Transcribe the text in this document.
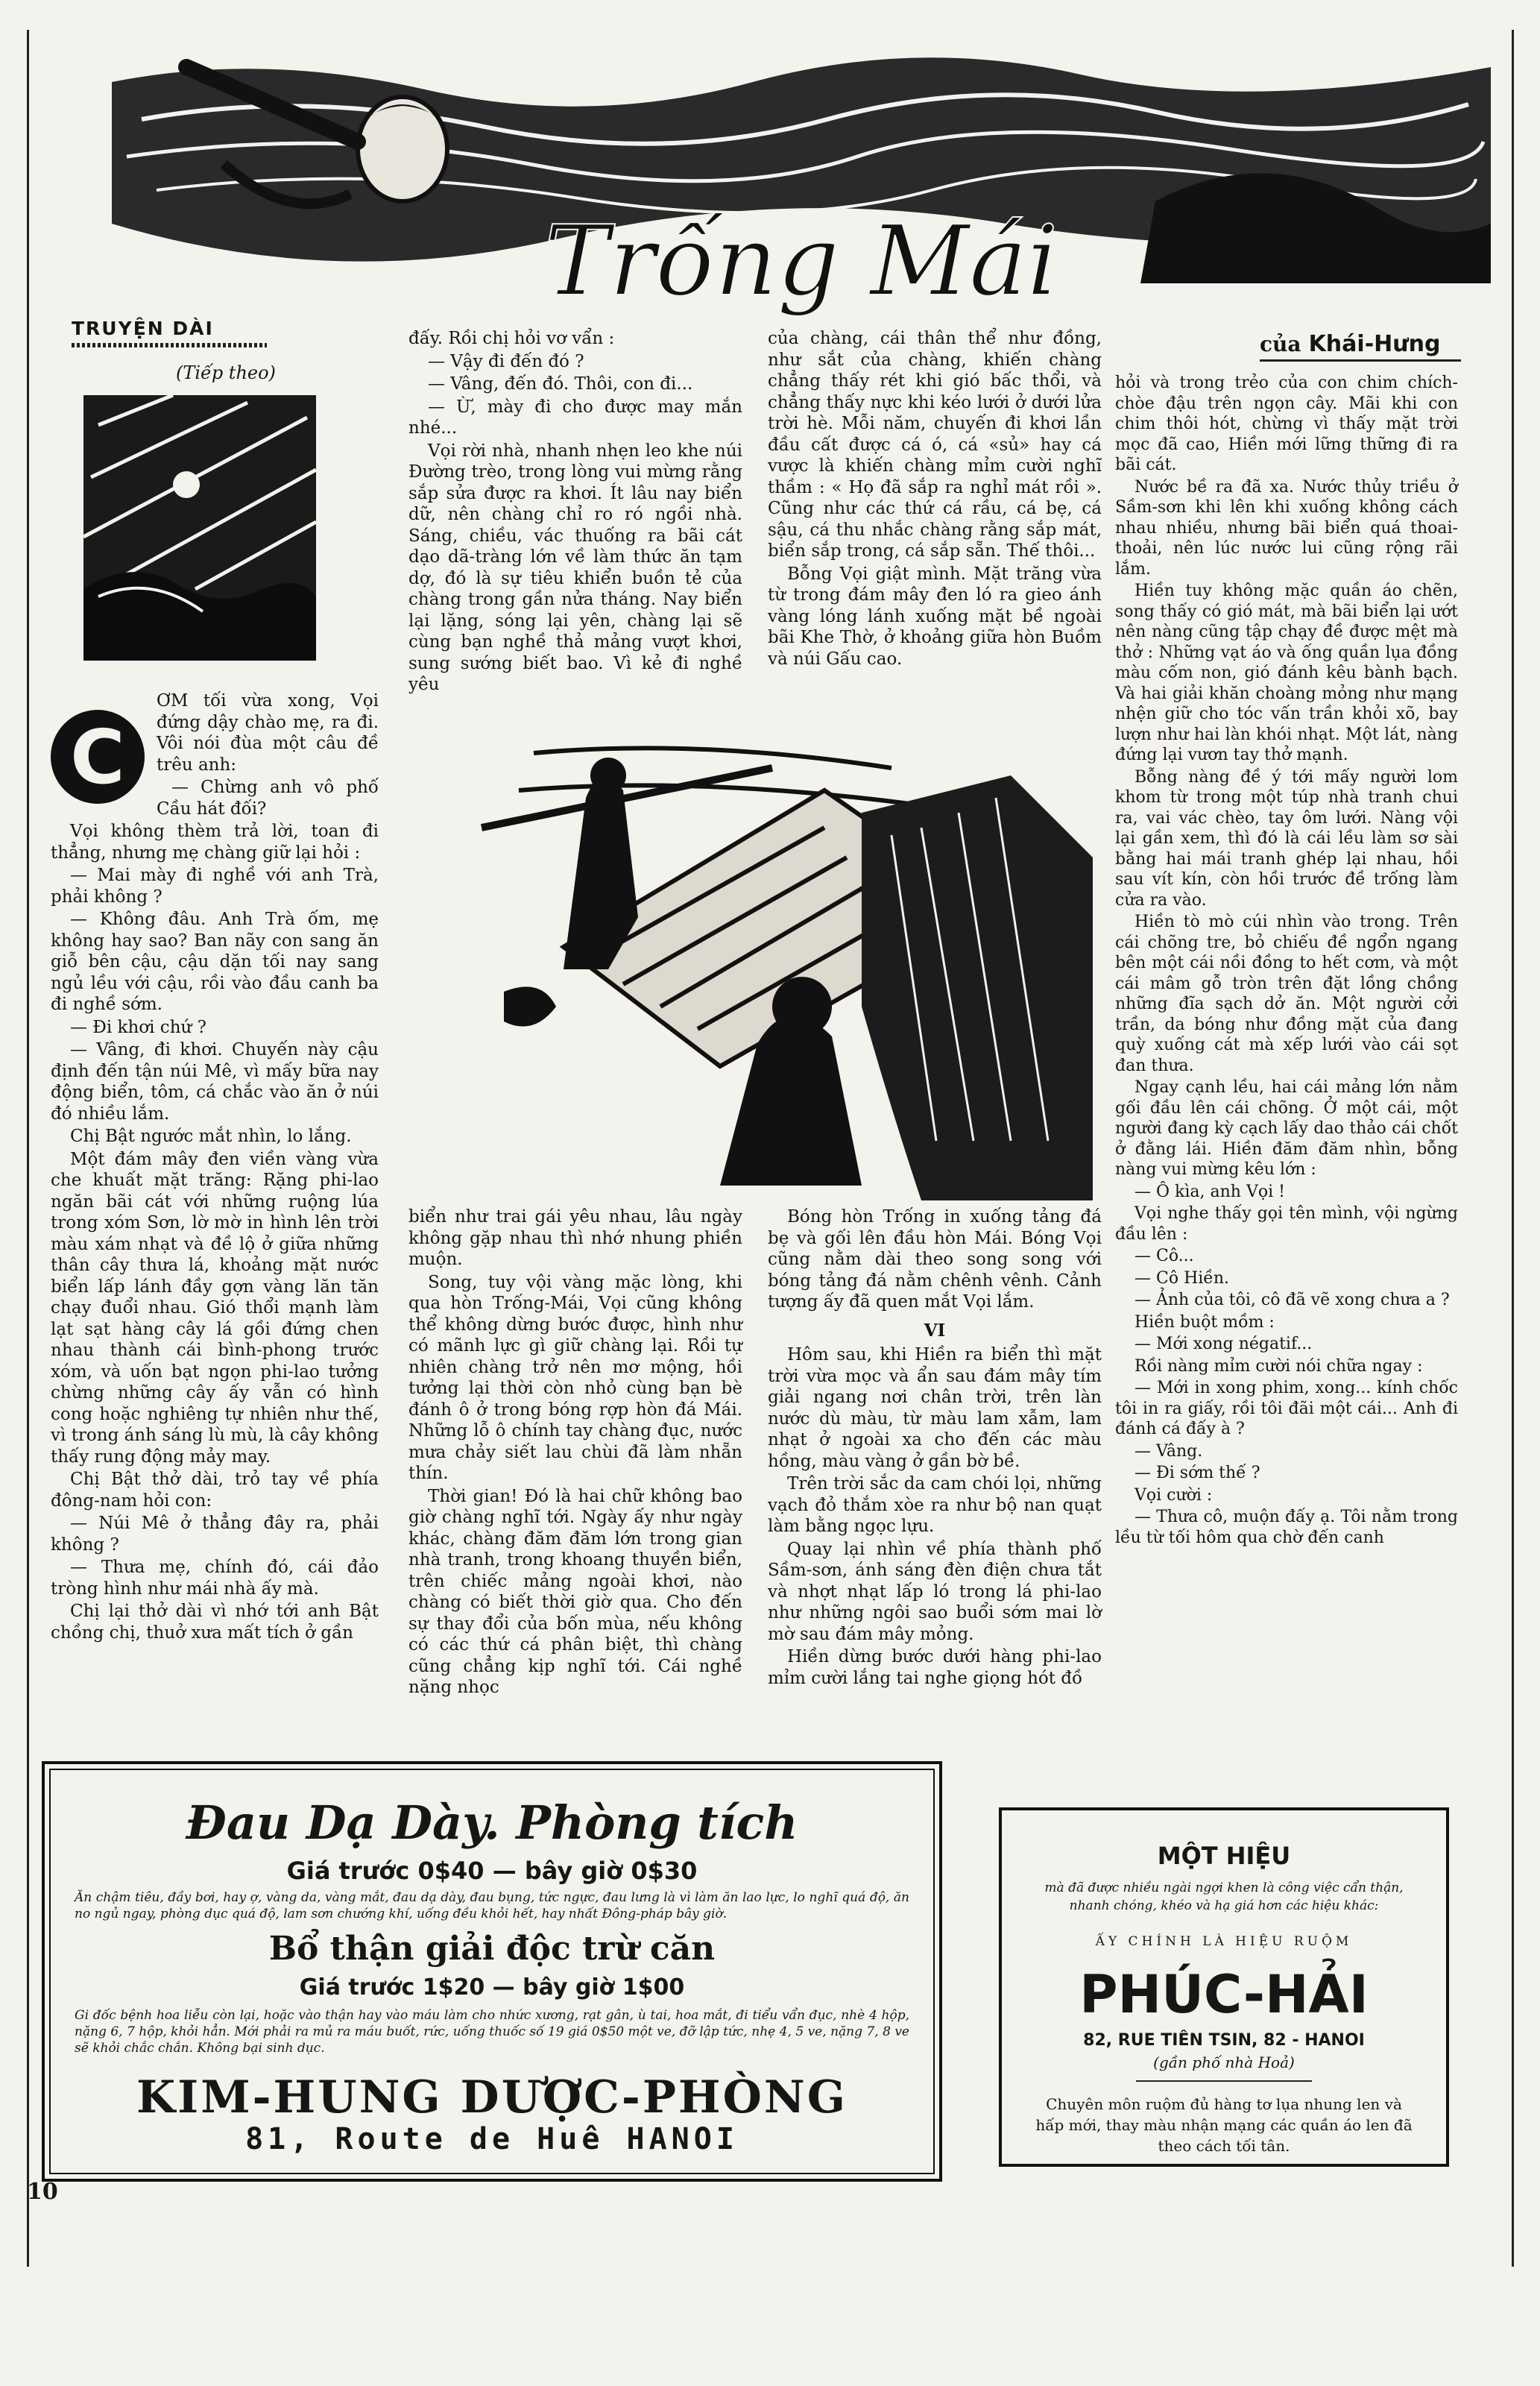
Trống Mái
TRUYỆN DÀI
(Tiếp theo)
của Khái-Hưng
C

ƠM tối vừa xong, Vọi đứng dậy chào mẹ, ra đi. Vôi nói đùa một câu đề trêu anh:

— Chừng anh vô phố Cầu hát đối?

Vọi không thèm trả lời, toan đi thẳng, nhưng mẹ chàng giữ lại hỏi :

— Mai mày đi nghề với anh Trà, phải không ?

— Không đâu. Anh Trà ốm, mẹ không hay sao? Ban nãy con sang ăn giỗ bên cậu, cậu dặn tối nay sang ngủ lều với cậu, rồi vào đầu canh ba đi nghề sớm.

— Đi khơi chứ ?

— Vâng, đi khơi. Chuyến này cậu định đến tận núi Mê, vì mấy bữa nay động biển, tôm, cá chắc vào ăn ở núi đó nhiều lắm.

Chị Bật ngước mắt nhìn, lo lắng.

Một đám mây đen viền vàng vừa che khuất mặt trăng: Rặng phi-lao ngăn bãi cát với những ruộng lúa trong xóm Sơn, lờ mờ in hình lên trời màu xám nhạt và đề lộ ở giữa những thân cây thưa lá, khoảng mặt nước biển lấp lánh đầy gợn vàng lăn tăn chạy đuổi nhau. Gió thổi mạnh làm lạt sạt hàng cây lá gồi đứng chen nhau thành cái bình-phong trước xóm, và uốn bạt ngọn phi-lao tưởng chừng những cây ấy vẫn có hình cong hoặc nghiêng tự nhiên như thế, vì trong ánh sáng lù mù, là cây không thấy rung động mảy may.

Chị Bật thở dài, trỏ tay về phía đông-nam hỏi con:

— Núi Mê ở thẳng đây ra, phải không ?

— Thưa mẹ, chính đó, cái đảo tròng hình như mái nhà ấy mà.

Chị lại thở dài vì nhớ tới anh Bật chồng chị, thuở xưa mất tích ở gần

đấy. Rồi chị hỏi vơ vẩn :

— Vậy đi đến đó ?

— Vâng, đến đó. Thôi, con đi...

— Ừ, mày đi cho được may mắn nhé...

Vọi rời nhà, nhanh nhẹn leo khe núi Đường trèo, trong lòng vui mừng rằng sắp sửa được ra khơi. Ít lâu nay biển dữ, nên chàng chỉ ro ró ngồi nhà. Sáng, chiều, vác thuống ra bãi cát dạo dã-tràng lớn về làm thức ăn tạm dợ, đó là sự tiêu khiển buồn tẻ của chàng trong gần nửa tháng. Nay biển lại lặng, sóng lại yên, chàng lại sẽ cùng bạn nghề thả mảng vượt khơi, sung sướng biết bao. Vì kẻ đi nghề yêu

của chàng, cái thân thể như đồng, như sắt của chàng, khiến chàng chẳng thấy rét khi gió bấc thổi, và chẳng thấy nực khi kéo lưới ở dưới lửa trời hè. Mỗi năm, chuyến đi khơi lần đầu cất được cá ó, cá «sủ» hay cá vược là khiến chàng mỉm cười nghĩ thầm : « Họ đã sắp ra nghỉ mát rồi ». Cũng như các thứ cá rầu, cá bẹ, cá sậu, cá thu nhắc chàng rằng sắp mát, biển sắp trong, cá sắp sẵn. Thế thôi...

Bỗng Vọi giật mình. Mặt trăng vừa từ trong đám mây đen ló ra gieo ánh vàng lóng lánh xuống mặt bề ngoài bãi Khe Thờ, ở khoảng giữa hòn Buồm và núi Gấu cao.

biển như trai gái yêu nhau, lâu ngày không gặp nhau thì nhớ nhung phiền muộn.

Song, tuy vội vàng mặc lòng, khi qua hòn Trống-Mái, Vọi cũng không thể không dừng bước được, hình như có mãnh lực gì giữ chàng lại. Rồi tự nhiên chàng trở nên mơ mộng, hồi tưởng lại thời còn nhỏ cùng bạn bè đánh ô ở trong bóng rợp hòn đá Mái. Những lỗ ô chính tay chàng đục, nước mưa chảy siết lau chùi đã làm nhẵn thín.

Thời gian! Đó là hai chữ không bao giờ chàng nghĩ tới. Ngày ấy như ngày khác, chàng đăm đăm lớn trong gian nhà tranh, trong khoang thuyền biển, trên chiếc mảng ngoài khơi, nào chàng có biết thời giờ qua. Cho đến sự thay đổi của bốn mùa, nếu không có các thứ cá phân biệt, thì chàng cũng chẳng kịp nghĩ tới. Cái nghề nặng nhọc

Bóng hòn Trống in xuống tảng đá bẹ và gối lên đầu hòn Mái. Bóng Vọi cũng nằm dài theo song song với bóng tảng đá nằm chênh vênh. Cảnh tượng ấy đã quen mắt Vọi lắm.

VI

Hôm sau, khi Hiền ra biển thì mặt trời vừa mọc và ẩn sau đám mây tím giải ngang nơi chân trời, trên làn nước dù màu, từ màu lam xẫm, lam nhạt ở ngoài xa cho đến các màu hồng, màu vàng ở gần bờ bề.

Trên trời sắc da cam chói lọi, những vạch đỏ thắm xòe ra như bộ nan quạt làm bằng ngọc lựu.

Quay lại nhìn về phía thành phố Sầm-sơn, ánh sáng đèn điện chưa tắt và nhợt nhạt lấp ló trong lá phi-lao như những ngôi sao buổi sớm mai lờ mờ sau đám mây mỏng.

Hiền dừng bước dưới hàng phi-lao mỉm cười lắng tai nghe giọng hót đồ

hỏi và trong trẻo của con chim chích-chòe đậu trên ngọn cây. Mãi khi con chim thôi hót, chừng vì thấy mặt trời mọc đã cao, Hiền mới lững thững đi ra bãi cát.

Nước bề ra đã xa. Nước thủy triều ở Sầm-sơn khi lên khi xuống không cách nhau nhiều, nhưng bãi biển quá thoai-thoải, nên lúc nước lui cũng rộng rãi lắm.

Hiền tuy không mặc quần áo chẽn, song thấy có gió mát, mà bãi biển lại ướt nên nàng cũng tập chạy đề được mệt mà thở : Những vạt áo và ống quần lụa đồng màu cốm non, gió đánh kêu bành bạch. Và hai giải khăn choàng mỏng như mạng nhện giữ cho tóc vấn trần khỏi xõ, bay lượn như hai làn khói nhạt. Một lát, nàng đứng lại vươn tay thở mạnh.

Bỗng nàng đề ý tới mấy người lom khom từ trong một túp nhà tranh chui ra, vai vác chèo, tay ôm lưới. Nàng vội lại gần xem, thì đó là cái lều làm sơ sài bằng hai mái tranh ghép lại nhau, hồi sau vít kín, còn hồi trước đề trống làm cửa ra vào.

Hiền tò mò cúi nhìn vào trong. Trên cái chõng tre, bỏ chiếu đề ngổn ngang bên một cái nồi đồng to hết cơm, và một cái mâm gỗ tròn trên đặt lồng chồng những đĩa sạch dở ăn. Một người cởi trần, da bóng như đồng mặt của đang quỳ xuống cát mà xếp lưới vào cái sọt đan thưa.

Ngay cạnh lều, hai cái mảng lớn nằm gối đầu lên cái chõng. Ở một cái, một người đang kỳ cạch lấy dao thảo cái chốt ở đằng lái. Hiền đăm đăm nhìn, bỗng nàng vui mừng kêu lớn :

— Ô kìa, anh Vọi !

Vọi nghe thấy gọi tên mình, vội ngừng đầu lên :

— Cô...

— Cô Hiền.

— Ảnh của tôi, cô đã vẽ xong chưa a ?

Hiền buột mồm :

— Mới xong négatif...

Rồi nàng mỉm cười nói chữa ngay :

— Mới in xong phim, xong... kính chốc tôi in ra giấy, rồi tôi đãi một cái... Anh đi đánh cá đấy à ?

— Vâng.

— Đi sớm thế ?

Vọi cười :

— Thưa cô, muộn đấy ạ. Tôi nằm trong lều từ tối hôm qua chờ đến canh

Đau Dạ Dày. Phòng tích
Giá trước 0$40 — bây giờ 0$30
Ăn chậm tiêu, đầy bơi, hay ợ, vàng da, vàng mắt, đau dạ dày, đau bụng, tức ngực, đau lưng là vì làm ăn lao lực, lo nghĩ quá độ, ăn no ngủ ngay, phòng dục quá độ, lam sơn chướng khí, uống đều khỏi hết, hay nhất Đông-pháp bây giờ.
Bổ thận giải độc trừ căn
Giá trước 1$20 — bây giờ 1$00
Gi đốc bệnh hoa liễu còn lại, hoặc vào thận hay vào máu làm cho nhức xương, rạt gân, ù tai, hoa mắt, đi tiểu vẩn đục, nhè 4 hộp, nặng 6, 7 hộp, khỏi hẳn. Mới phải ra mủ ra máu buốt, rức, uống thuốc số 19 giá 0$50 một ve, đỡ lập tức, nhẹ 4, 5 ve, nặng 7, 8 ve sẽ khỏi chắc chắn. Không bại sinh dục.
KIM-HUNG DƯỢC-PHÒNG
81, Route de Huê HANOI
MỘT HIỆU
mà đã được nhiều ngài ngợi khen là công việc cẩn thận, nhanh chóng, khéo và hạ giá hơn các hiệu khác:
ẤY CHÍNH LÀ HIỆU RUỘM
PHÚC-HẢI
82, RUE TIÊN TSIN, 82 - HANOI
(gần phố nhà Hoả)
Chuyên môn ruộm đủ hàng tơ lụa nhung len và hấp mới, thay màu nhận mạng các quần áo len đã theo cách tối tân.
10
